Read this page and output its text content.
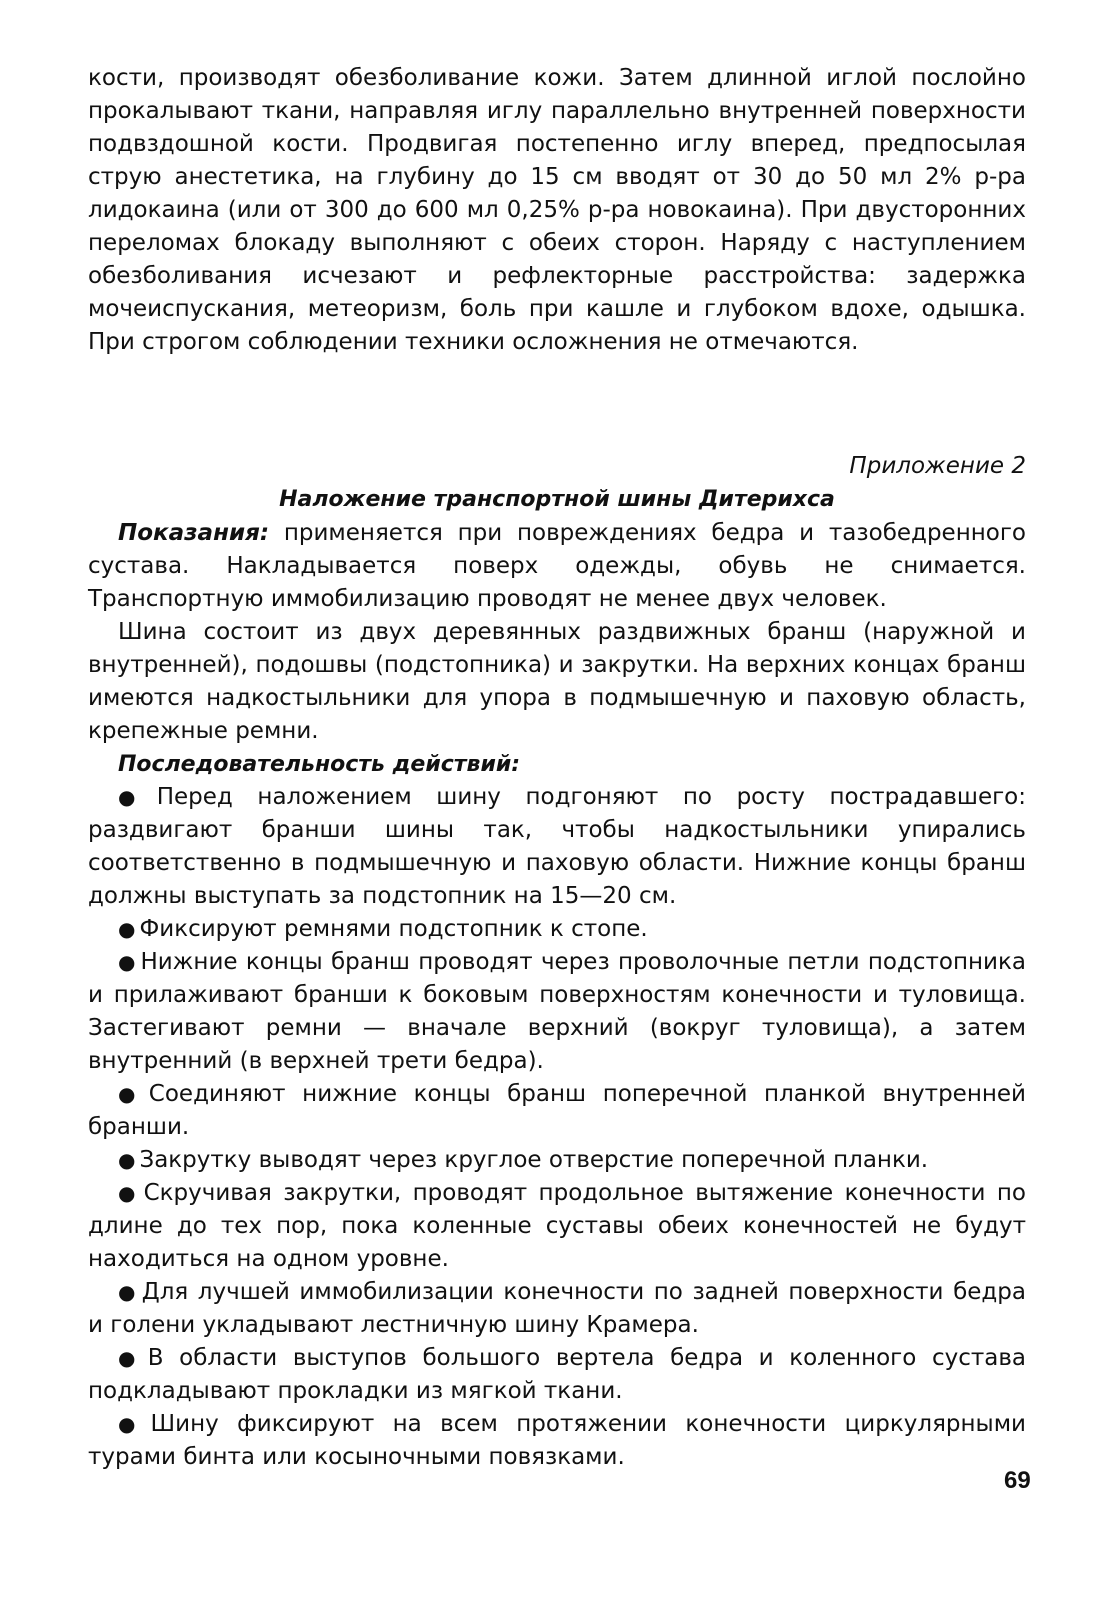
кости, производят обезболивание кожи. Затем длинной иглой послойно прокалывают ткани, направляя иглу параллельно внутренней поверхности подвздошной кости. Продвигая постепенно иглу вперед, предпосылая струю анестетика, на глубину до 15 см вводят от 30 до 50 мл 2% р-ра лидокаина (или от 300 до 600 мл 0,25% р-ра новокаина). При двусторонних переломах блокаду выполняют с обеих сторон. Наряду с наступлением обезболивания исчезают и рефлекторные расстройства: задержка мочеиспускания, метеоризм, боль при кашле и глубоком вдохе, одышка. При строгом соблюдении техники осложнения не отмечаются.

Приложение 2

Наложение транспортной шины Дитерихса

Показания: применяется при повреждениях бедра и тазобедренного сустава. Накладывается поверх одежды, обувь не снимается. Транспортную иммобилизацию проводят не менее двух человек.

Шина состоит из двух деревянных раздвижных бранш (наружной и внутренней), подошвы (подстопника) и закрутки. На верхних концах бранш имеются надкостыльники для упора в подмышечную и паховую область, крепежные ремни.

Последовательность действий:

● Перед наложением шину подгоняют по росту пострадавшего: раздвигают бранши шины так, чтобы надкостыльники упирались соответственно в подмышечную и паховую области. Нижние концы бранш должны выступать за подстопник на 15—20 см.

● Фиксируют ремнями подстопник к стопе.

● Нижние концы бранш проводят через проволочные петли подстопника и прилаживают бранши к боковым поверхностям конечности и туловища. Застегивают ремни — вначале верхний (вокруг туловища), а затем внутренний (в верхней трети бедра).

● Соединяют нижние концы бранш поперечной планкой внутренней бранши.

● Закрутку выводят через круглое отверстие поперечной планки.

● Скручивая закрутки, проводят продольное вытяжение конечности по длине до тех пор, пока коленные суставы обеих конечностей не будут находиться на одном уровне.

● Для лучшей иммобилизации конечности по задней поверхности бедра и голени укладывают лестничную шину Крамера.

● В области выступов большого вертела бедра и коленного сустава подкладывают прокладки из мягкой ткани.

● Шину фиксируют на всем протяжении конечности циркулярными турами бинта или косыночными повязками.

69
